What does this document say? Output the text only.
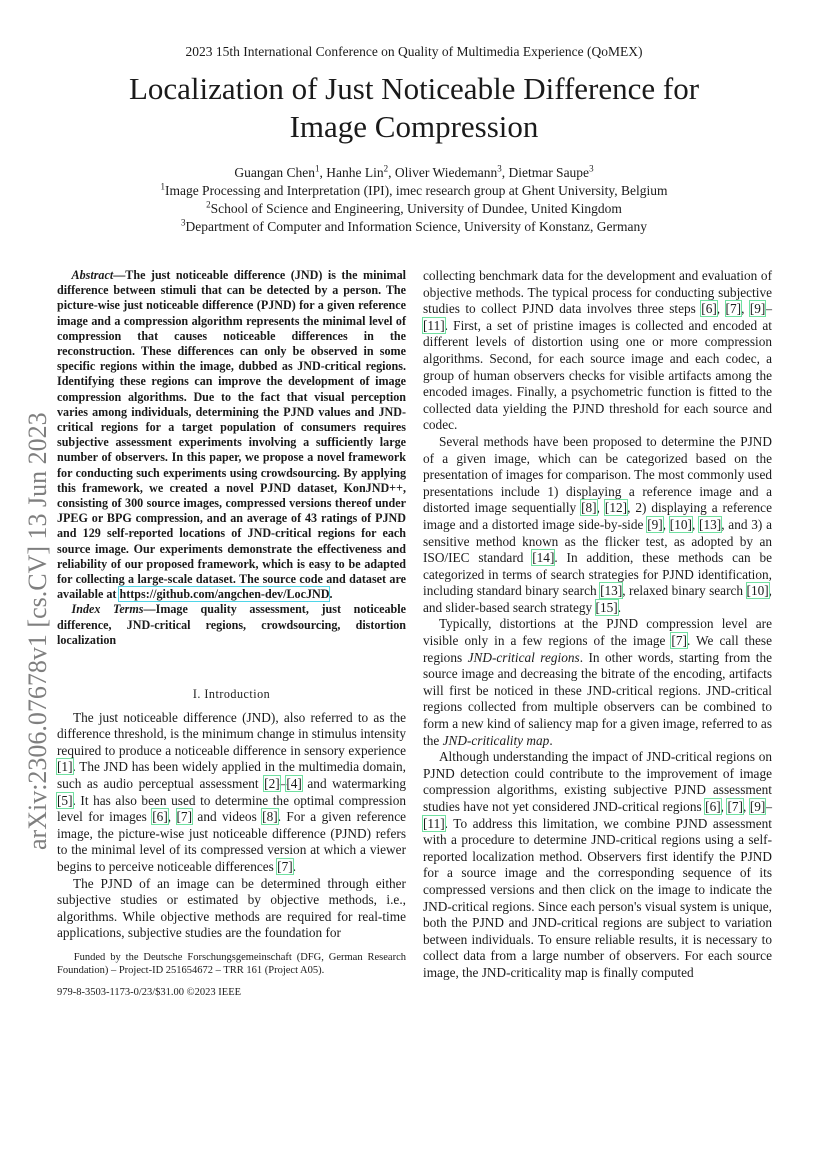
2023 15th International Conference on Quality of Multimedia Experience (QoMEX)
Localization of Just Noticeable Difference for
Image Compression
Guangan Chen$^1$, Hanhe Lin$^2$, Oliver Wiedemann$^3$, Dietmar Saupe$^3$
$^1$Image Processing and Interpretation (IPI), imec research group at Ghent University, Belgium
$^2$School of Science and Engineering, University of Dundee, United Kingdom
$^3$Department of Computer and Information Science, University of Konstanz, Germany
arXiv:2306.07678v1 [cs.CV] 13 Jun 2023

Abstract—The just noticeable difference (JND) is the minimal difference between stimuli that can be detected by a person. The picture-wise just noticeable difference (PJND) for a given reference image and a compression algorithm represents the minimal level of compression that causes noticeable differences in the reconstruction. These differences can only be observed in some specific regions within the image, dubbed as JND-critical regions. Identifying these regions can improve the development of image compression algorithms. Due to the fact that visual perception varies among individuals, determining the PJND values and JND-critical regions for a target population of consumers requires subjective assessment experiments involving a sufficiently large number of observers. In this paper, we propose a novel framework for conducting such experiments using crowdsourcing. By applying this framework, we created a novel PJND dataset, KonJND++, consisting of 300 source images, compressed versions thereof under JPEG or BPG compression, and an average of 43 ratings of PJND and 129 self-reported locations of JND-critical regions for each source image. Our experiments demonstrate the effectiveness and reliability of our proposed framework, which is easy to be adapted for collecting a large-scale dataset. The source code and dataset are available at https://github.com/angchen-dev/LocJND.

Index Terms—Image quality assessment, just noticeable difference, JND-critical regions, crowdsourcing, distortion localization

I. Introduction

The just noticeable difference (JND), also referred to as the difference threshold, is the minimum change in stimulus intensity required to produce a noticeable difference in sensory experience [1]. The JND has been widely applied in the multimedia domain, such as audio perceptual assessment [2]–[4] and watermarking [5]. It has also been used to determine the optimal compression level for images [6], [7] and videos [8]. For a given reference image, the picture-wise just noticeable difference (PJND) refers to the minimal level of its compressed version at which a viewer begins to perceive noticeable differences [7].

The PJND of an image can be determined through either subjective studies or estimated by objective methods, i.e., algorithms. While objective methods are required for real-time applications, subjective studies are the foundation for

Funded by the Deutsche Forschungsgemeinschaft (DFG, German Research Foundation) – Project-ID 251654672 – TRR 161 (Project A05).
979-8-3503-1173-0/23/$31.00 ©2023 IEEE

collecting benchmark data for the development and evaluation of objective methods. The typical process for conducting subjective studies to collect PJND data involves three steps [6], [7], [9]–[11]. First, a set of pristine images is collected and encoded at different levels of distortion using one or more compression algorithms. Second, for each source image and each codec, a group of human observers checks for visible artifacts among the encoded images. Finally, a psychometric function is fitted to the collected data yielding the PJND threshold for each source and codec.

Several methods have been proposed to determine the PJND of a given image, which can be categorized based on the presentation of images for comparison. The most commonly used presentations include 1) displaying a reference image and a distorted image sequentially [8], [12], 2) displaying a reference image and a distorted image side-by-side [9], [10], [13], and 3) a sensitive method known as the flicker test, as adopted by an ISO/IEC standard [14]. In addition, these methods can be categorized in terms of search strategies for PJND identification, including standard binary search [13], relaxed binary search [10], and slider-based search strategy [15].

Typically, distortions at the PJND compression level are visible only in a few regions of the image [7]. We call these regions JND-critical regions. In other words, starting from the source image and decreasing the bitrate of the encoding, artifacts will first be noticed in these JND-critical regions. JND-critical regions collected from multiple observers can be combined to form a new kind of saliency map for a given image, referred to as the JND-criticality map.

Although understanding the impact of JND-critical regions on PJND detection could contribute to the improvement of image compression algorithms, existing subjective PJND assessment studies have not yet considered JND-critical regions [6], [7], [9]–[11]. To address this limitation, we combine PJND assessment with a procedure to determine JND-critical regions using a self-reported localization method. Observers first identify the PJND for a source image and the corresponding sequence of its compressed versions and then click on the image to indicate the JND-critical regions. Since each person's visual system is unique, both the PJND and JND-critical regions are subject to variation between individuals. To ensure reliable results, it is necessary to collect data from a large number of observers. For each source image, the JND-criticality map is finally computed
